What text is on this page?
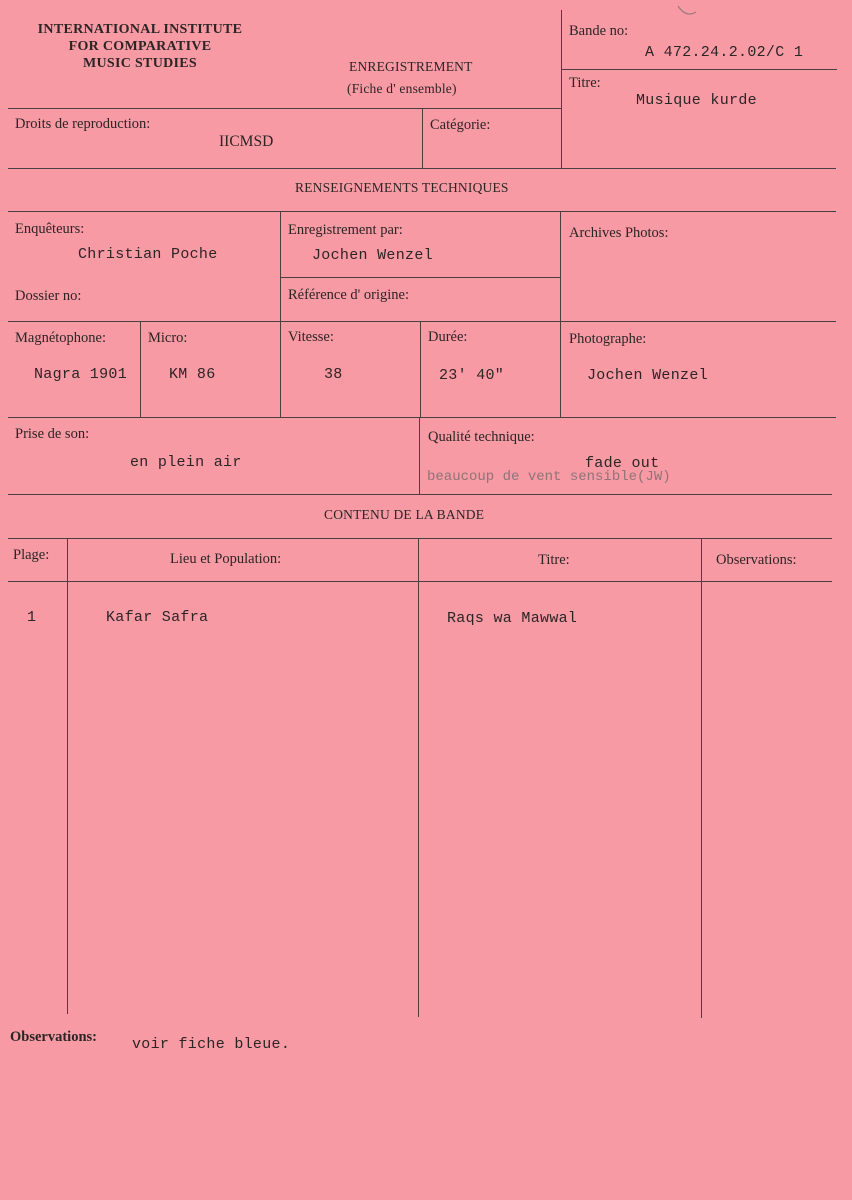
INTERNATIONAL INSTITUTE
FOR COMPARATIVE
MUSIC STUDIES	ENREGISTREMENT
(Fiche d' ensemble)
Bande no:
A 472.24.2.02/C 1
Titre:
Musique kurde
Droits de reproduction:
IICMSD
Catégorie:
RENSEIGNEMENTS TECHNIQUES
Enquêteurs:
Christian Poche
Enregistrement par:
Jochen Wenzel
Archives Photos:
Dossier no:	Référence d' origine:
Magnétophone:
Nagra 1901
Micro:
KM 86
Vitesse:
38
Durée:
23' 40"
Photographe:
Jochen Wenzel
Prise de son:
en plein air
Qualité technique:
fade out
beaucoup de vent sensible(JW)
CONTENU DE LA BANDE
Plage:	Lieu et Population:	Titre:	Observations:
1	Kafar Safra	Raqs wa Mawwal
Observations: voir fiche bleue.
